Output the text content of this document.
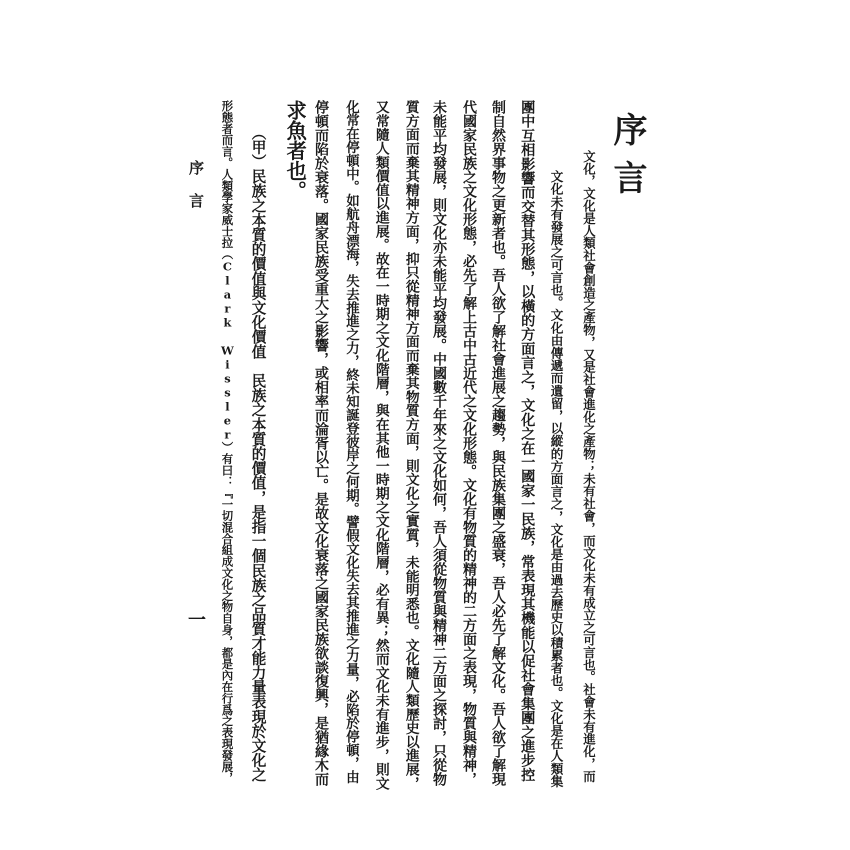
序言
文化，文化是人類社會創造之產物，又是社會進化之產物；未有社會，而文化未有成立之可言也。社會未有進化，而
文化未有發展之可言也。文化由傳遞而遺留，以縱的方面言之，文化是由過去歷史以積累者也。文化是在人類集
團中互相影響而交替其形態，以橫的方面言之，文化之在一國家一民族，常表現其機能以促社會集團之進步控
制自然界事物之更新者也。吾人欲了解社會進展之趨勢，與民族集團之盛衰，吾人必先了解文化。吾人欲了解現
代國家民族之文化形態，必先了解上古中古近代之文化形態。文化有物質的精神的二方面之表現，物質與精神，
未能平均發展，則文化亦未能平均發展。中國數千年來之文化如何，吾人須從物質與精神二方面之探討，只從物
質方面而棄其精神方面，抑只從精神方面而棄其物質方面，則文化之實質，未能明悉也。文化隨人類歷史以進展，
又常隨人類價值以進展。故在一時期之文化階層，與在其他一時期之文化階層，必有異；然而文化未有進步，則文
化常在停頓中。如航舟漂海，失去推進之力，終未知誕登彼岸之何期。譬假文化失去其推進之力量，必陷於停頓，由
停頓而陷於衰落。國家民族受重大之影響，或相率而淪胥以亡。是故文化衰落之國家民族欲談復興，是猶緣木而
求魚者也。
（甲）民族之本質的價值與文化價值　民族之本質的價值，是指一個民族之品質才能力量表現於文化之
形態者而言。人類學家威士拉（Clark Wissler）有曰：『一切混合組成文化之物自身，都是內在行爲之表現發展，
序言
一
